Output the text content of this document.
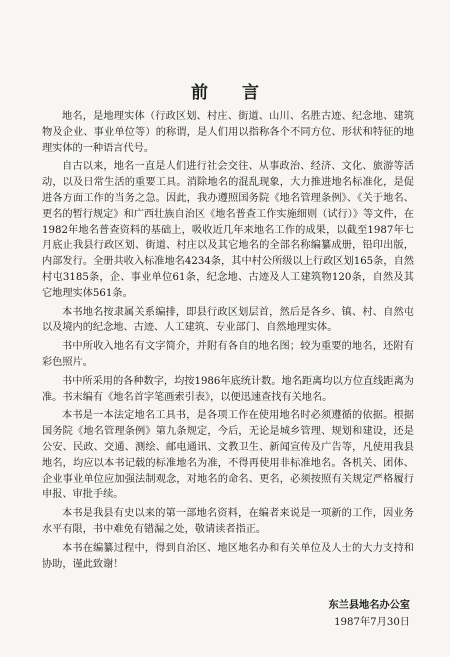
前 言

地名，是地理实体（行政区划、村庄、街道、山川、名胜古迹、纪念地、建筑物及企业、事业单位等）的称谓，是人们用以指称各个不同方位、形状和特征的地理实体的一种语言代号。

自古以来，地名一直是人们进行社会交往、从事政治、经济、文化、旅游等活动，以及日常生活的重要工具。消除地名的混乱现象，大力推进地名标准化，是促进各方面工作的当务之急。因此，我办遵照国务院《地名管理条例》、《关于地名、更名的暂行规定》和广西壮族自治区《地名普查工作实施细则（试行）》等文件，在1982年地名普查资料的基础上，吸收近几年来地名工作的成果，以截至1987年七月底止我县行政区划、街道、村庄以及其它地名的全部名称编纂成册，铅印出版，内部发行。全册共收入标准地名4234条，其中村公所级以上行政区划165条，自然村屯3185条，企、事业单位61条，纪念地、古迹及人工建筑物120条，自然及其它地理实体561条。

本书地名按隶属关系编排，即县行政区划层首，然后是各乡、镇、村、自然屯以及境内的纪念地、古迹、人工建筑、专业部门、自然地理实体。

书中所收入地名有文字简介，并附有各自的地名图；较为重要的地名，还附有彩色照片。

书中所采用的各种数字，均按1986年底统计数。地名距离均以方位直线距离为准。书末编有《地名首字笔画索引表》，以便迅速查找有关地名。

本书是一本法定地名工具书，是各项工作在使用地名时必须遵循的依据。根据国务院《地名管理条例》第九条规定，今后，无论是城乡管理、规划和建设，还是公安、民政、交通、测绘、邮电通讯、文教卫生、新闻宣传及广告等，凡使用我县地名，均应以本书记载的标准地名为准，不得再使用非标准地名。各机关、团体、企业事业单位应加强法制观念，对地名的命名、更名，必须按照有关规定严格履行申报、审批手续。

本书是我县有史以来的第一部地名资料，在编者来说是一项新的工作，因业务水平有限，书中难免有错漏之处，敬请读者指正。

本书在编纂过程中，得到自治区、地区地名办和有关单位及人士的大力支持和协助，谨此致谢！

东兰县地名办公室
1987年7月30日
